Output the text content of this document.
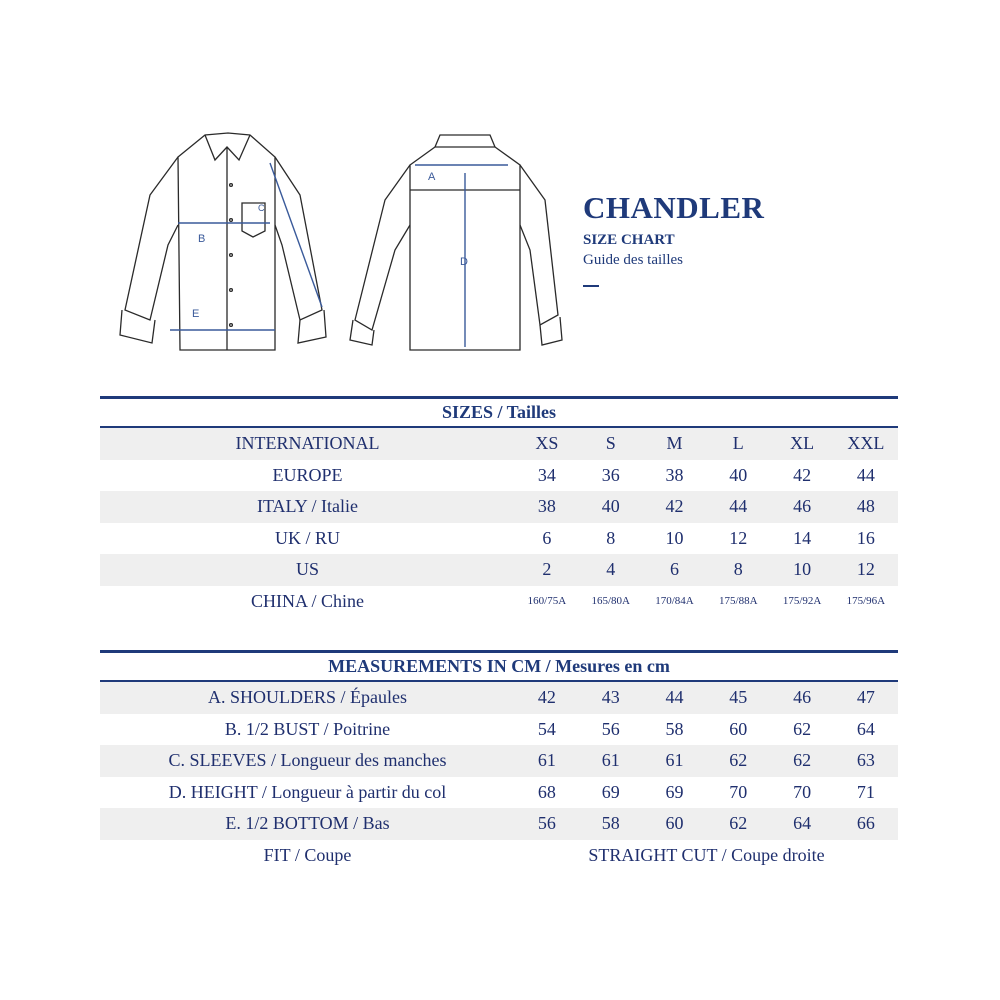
B
E
C
A
D
CHANDLER
SIZE CHART
Guide des tailles
SIZES / Tailles
INTERNATIONAL	XS	S	M	L	XL	XXL
EUROPE	34	36	38	40	42	44
ITALY / Italie	38	40	42	44	46	48
UK / RU	6	8	10	12	14	16
US	2	4	6	8	10	12
CHINA / Chine	160/75A	165/80A	170/84A	175/88A	175/92A	175/96A
MEASUREMENTS IN CM / Mesures en cm
A. SHOULDERS / Épaules	42	43	44	45	46	47
B. 1/2 BUST / Poitrine	54	56	58	60	62	64
C. SLEEVES / Longueur des manches	61	61	61	62	62	63
D. HEIGHT / Longueur à partir du col	68	69	69	70	70	71
E. 1/2 BOTTOM / Bas	56	58	60	62	64	66
FIT / Coupe	STRAIGHT CUT / Coupe droite
